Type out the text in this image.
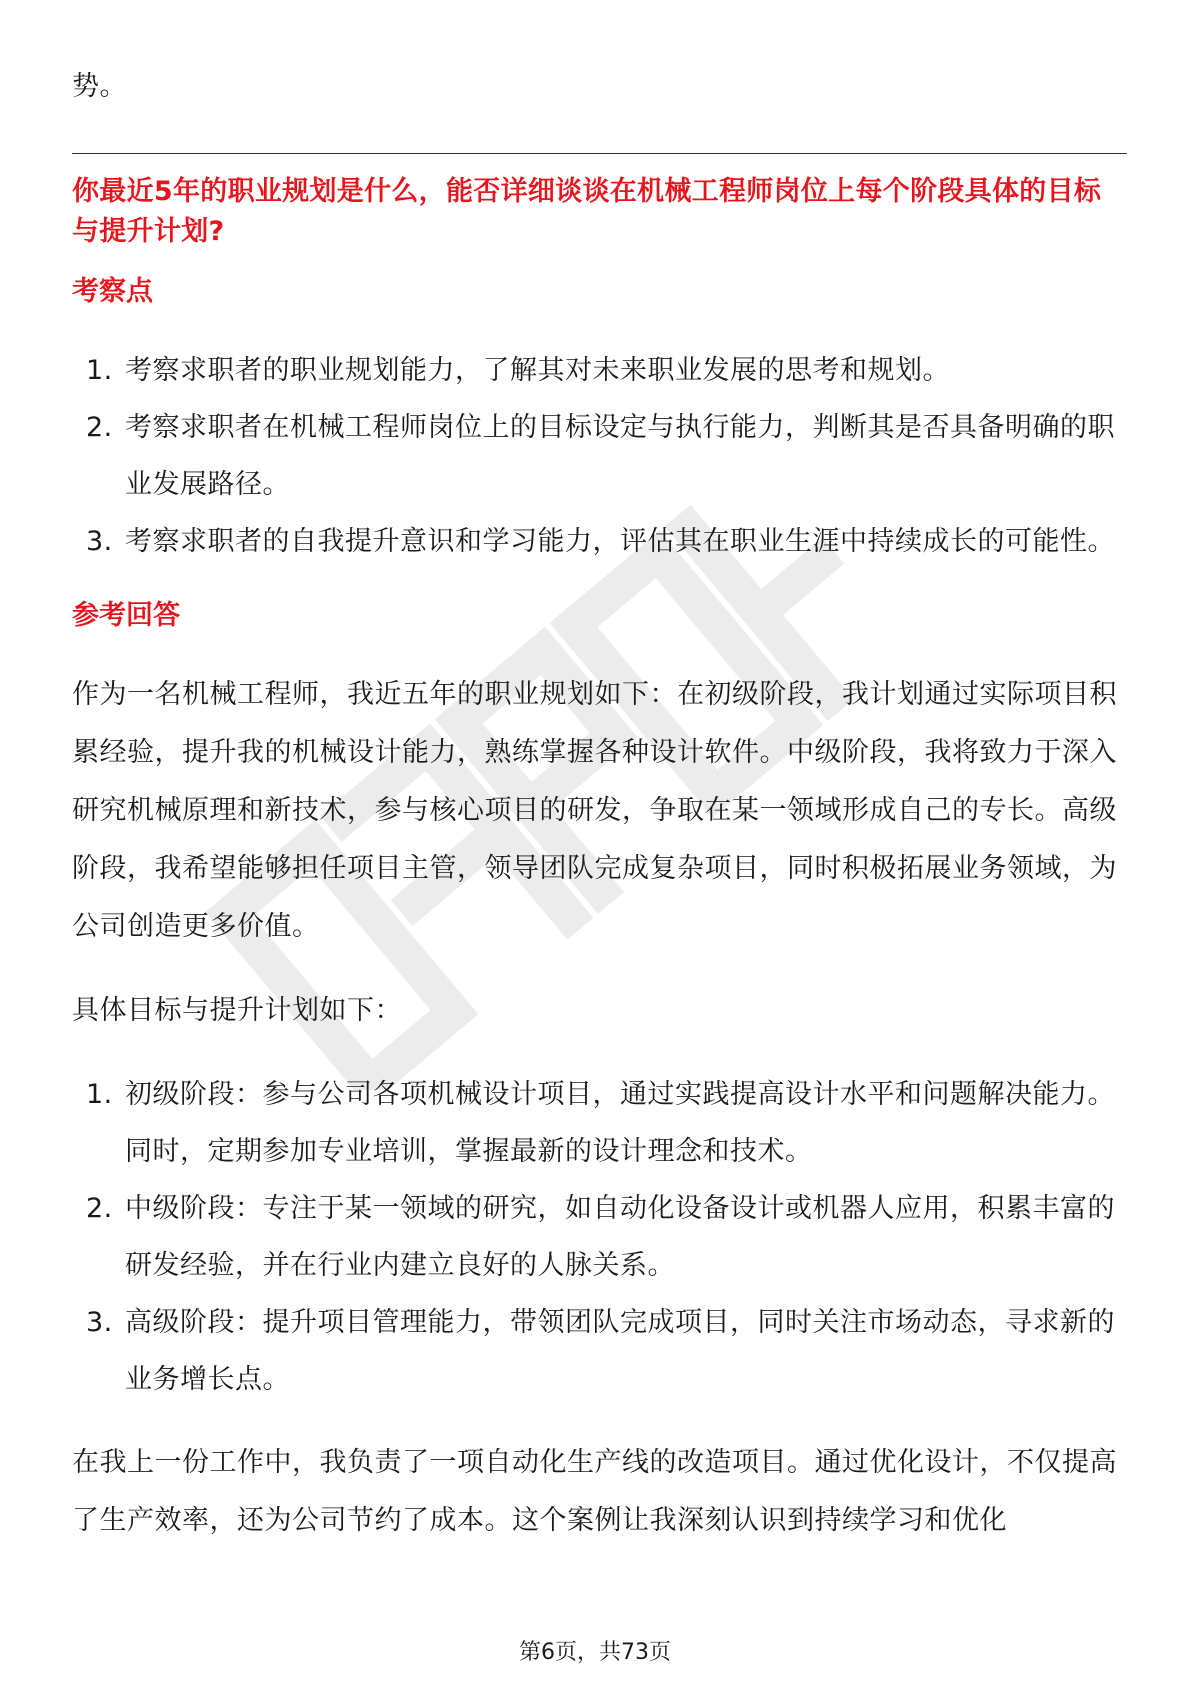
势。

你最近5年的职业规划是什么，能否详细谈谈在机械工程师岗位上每个阶段具体的目标与提升计划?
考察点
1. 考察求职者的职业规划能力，了解其对未来职业发展的思考和规划。
2. 考察求职者在机械工程师岗位上的目标设定与执行能力，判断其是否具备明确的职业发展路径。
3. 考察求职者的自我提升意识和学习能力，评估其在职业生涯中持续成长的可能性。
参考回答

作为一名机械工程师，我近五年的职业规划如下：在初级阶段，我计划通过实际项目积累经验，提升我的机械设计能力，熟练掌握各种设计软件。中级阶段，我将致力于深入研究机械原理和新技术，参与核心项目的研发，争取在某一领域形成自己的专长。高级阶段，我希望能够担任项目主管，领导团队完成复杂项目，同时积极拓展业务领域，为公司创造更多价值。

具体目标与提升计划如下：

1. 初级阶段：参与公司各项机械设计项目，通过实践提高设计水平和问题解决能力。同时，定期参加专业培训，掌握最新的设计理念和技术。
2. 中级阶段：专注于某一领域的研究，如自动化设备设计或机器人应用，积累丰富的研发经验，并在行业内建立良好的人脉关系。
3. 高级阶段：提升项目管理能力，带领团队完成项目，同时关注市场动态，寻求新的业务增长点。

在我上一份工作中，我负责了一项自动化生产线的改造项目。通过优化设计，不仅提高了生产效率，还为公司节约了成本。这个案例让我深刻认识到持续学习和优化

第6页，共73页
